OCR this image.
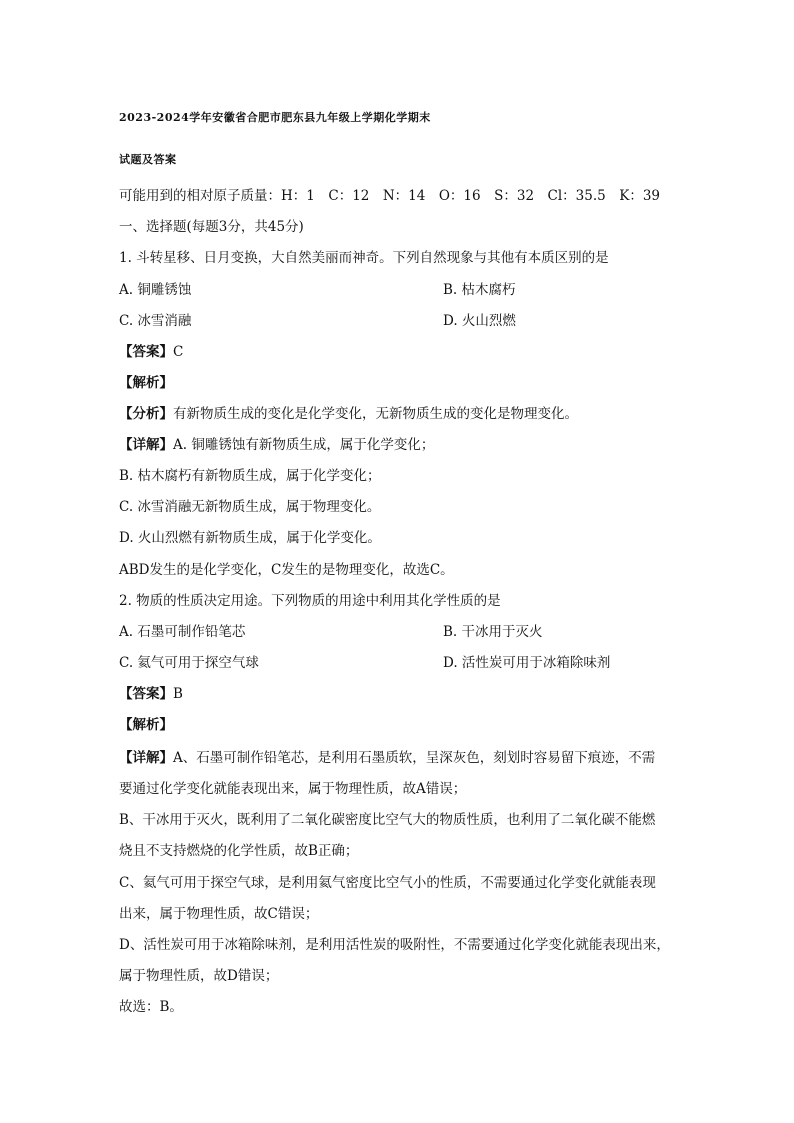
2023-2024学年安徽省合肥市肥东县九年级上学期化学期末
试题及答案
可能用到的相对原子质量：H：1　C：12　N：14　O：16　S：32　Cl：35.5　K：39
一、选择题(每题3分，共45分)
1. 斗转星移、日月变换，大自然美丽而神奇。下列自然现象与其他有本质区别的是
A. 铜雕锈蚀	B. 枯木腐朽
C. 冰雪消融	D. 火山烈燃
【答案】C
【解析】
【分析】有新物质生成的变化是化学变化，无新物质生成的变化是物理变化。
【详解】A. 铜雕锈蚀有新物质生成，属于化学变化；
B. 枯木腐朽有新物质生成，属于化学变化；
C. 冰雪消融无新物质生成，属于物理变化。
D. 火山烈燃有新物质生成，属于化学变化。
ABD发生的是化学变化，C发生的是物理变化，故选C。
2. 物质的性质决定用途。下列物质的用途中利用其化学性质的是
A. 石墨可制作铅笔芯	B. 干冰用于灭火
C. 氦气可用于探空气球	D. 活性炭可用于冰箱除味剂
【答案】B
【解析】
【详解】A、石墨可制作铅笔芯，是利用石墨质软，呈深灰色，刻划时容易留下痕迹，不需
要通过化学变化就能表现出来，属于物理性质，故A错误；
B、干冰用于灭火，既利用了二氧化碳密度比空气大的物质性质，也利用了二氧化碳不能燃
烧且不支持燃烧的化学性质，故B正确；
C、氦气可用于探空气球，是利用氦气密度比空气小的性质，不需要通过化学变化就能表现
出来，属于物理性质，故C错误；
D、活性炭可用于冰箱除味剂，是利用活性炭的吸附性，不需要通过化学变化就能表现出来，
属于物理性质，故D错误；
故选：B。
